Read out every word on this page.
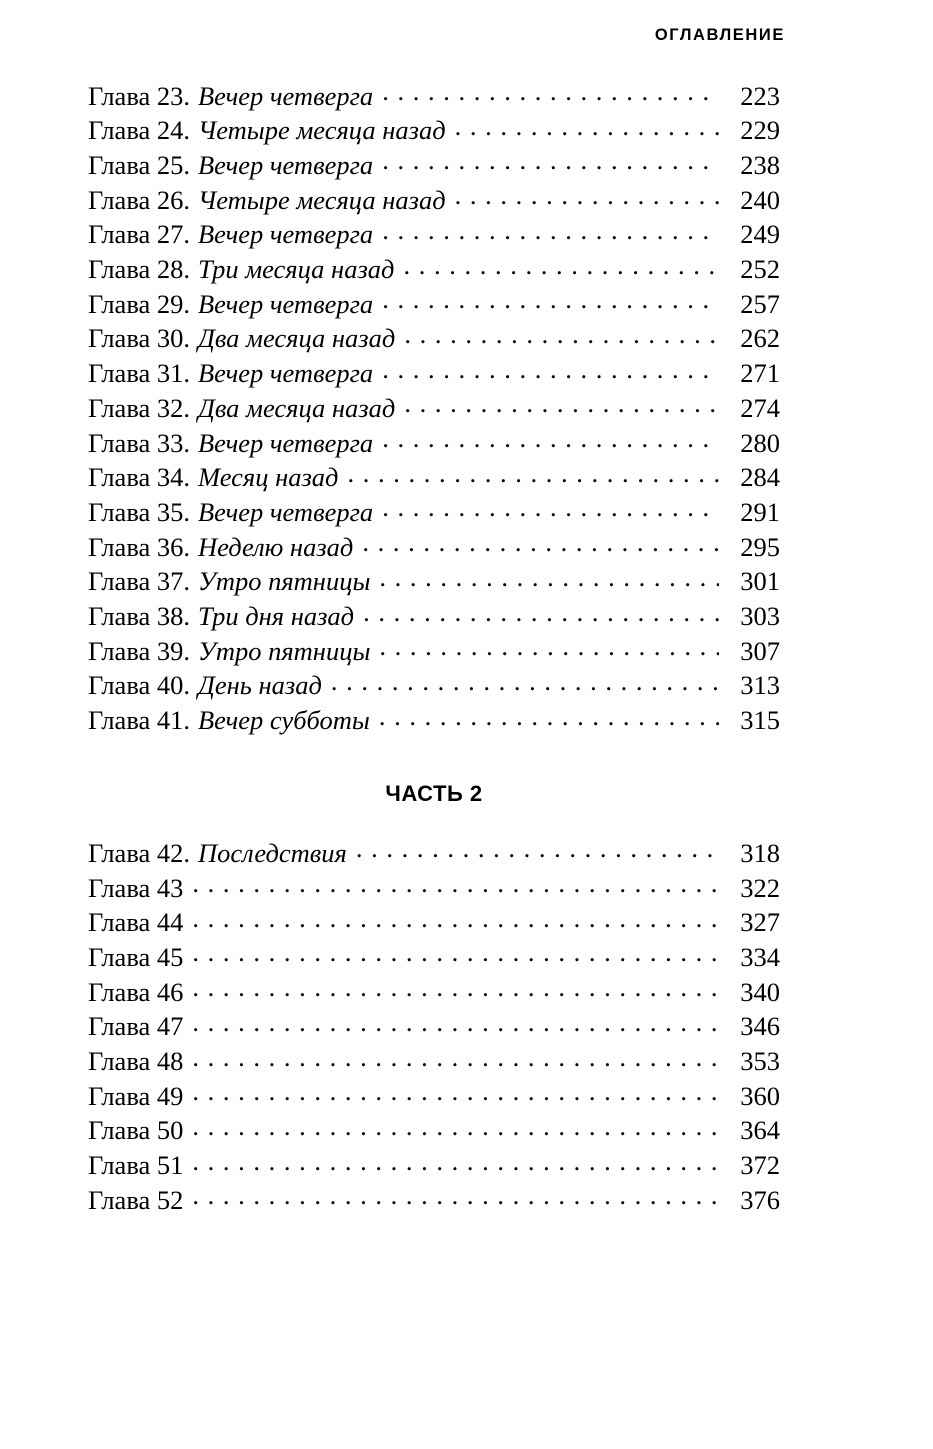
ОГЛАВЛЕНИЕ
Глава 23. Вечер четверга . . .	223
Глава 24. Четыре месяца назад . . .	229
Глава 25. Вечер четверга . . .	238
Глава 26. Четыре месяца назад . . .	240
Глава 27. Вечер четверга . . .	249
Глава 28. Три месяца назад . . .	252
Глава 29. Вечер четверга . . .	257
Глава 30. Два месяца назад . . .	262
Глава 31. Вечер четверга . . .	271
Глава 32. Два месяца назад . . .	274
Глава 33. Вечер четверга . . .	280
Глава 34. Месяц назад . . .	284
Глава 35. Вечер четверга . . .	291
Глава 36. Неделю назад . . .	295
Глава 37. Утро пятницы . . .	301
Глава 38. Три дня назад . . .	303
Глава 39. Утро пятницы . . .	307
Глава 40. День назад . . .	313
Глава 41. Вечер субботы . . .	315
ЧАСТЬ 2
Глава 42. Последствия . . .	318
Глава 43 . . .	322
Глава 44 . . .	327
Глава 45 . . .	334
Глава 46 . . .	340
Глава 47 . . .	346
Глава 48 . . .	353
Глава 49 . . .	360
Глава 50 . . .	364
Глава 51 . . .	372
Глава 52 . . .	376
